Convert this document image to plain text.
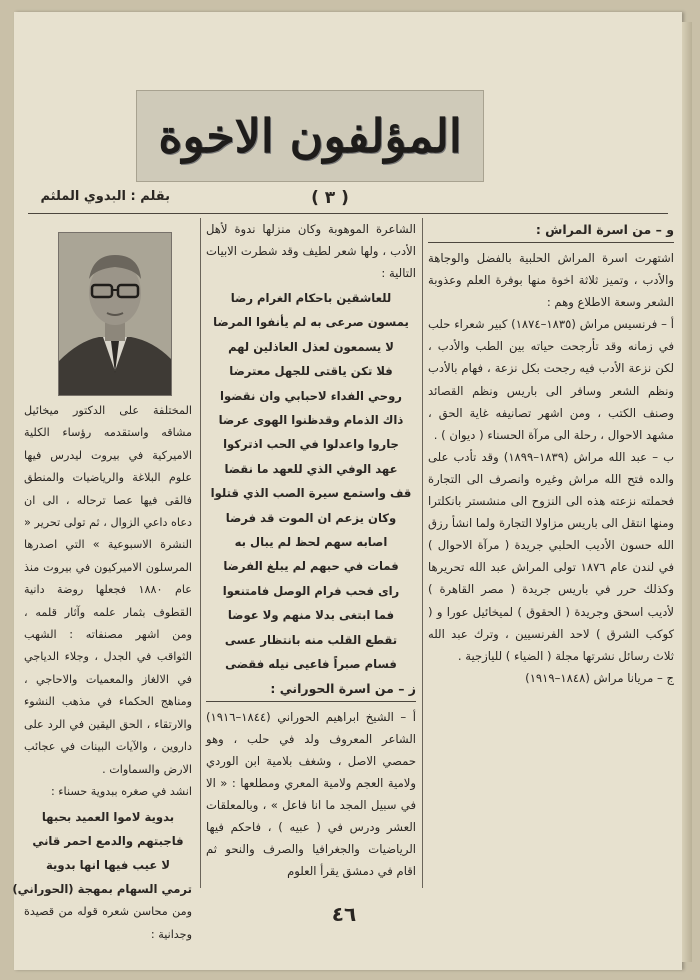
المؤلفون الاخوة
( ٣ )
بقلم : البدوي الملثم

و – من اسرة المراش :

اشتهرت اسرة المراش الحلبية بالفضل والوجاهة والأدب ، وتميز ثلاثة اخوة منها بوفرة العلم وعذوبة الشعر وسعة الاطلاع وهم :

أ – فرنسيس مراش (١٨٣٥–١٨٧٤) كبير شعراء حلب في زمانه وقد تأرجحت حياته بين الطب والأدب ، لكن نزعة الأدب فيه رجحت بكل نزعة ، فهام بالأدب ونظم الشعر وسافر الى باريس ونظم القصائد وصنف الكتب ، ومن اشهر تصانيفه غاية الحق ، مشهد الاحوال ، رحلة الى مرآة الحسناء ( ديوان ) .

ب – عبد الله مراش (١٨٣٩–١٨٩٩) وقد تأدب على والده فتح الله مراش وغيره وانصرف الى التجارة فحملته نزعته هذه الى النزوح الى منشستر بانكلترا ومنها انتقل الى باريس مزاولا التجارة ولما انشأ رزق الله حسون الأديب الحلبي جريدة ( مرآة الاحوال ) في لندن عام ١٨٧٦ تولى المراش عبد الله تحريرها وكذلك حرر في باريس جريدة ( مصر القاهرة ) لأديب اسحق وجريدة ( الحقوق ) لميخائيل عورا و ( كوكب الشرق ) لاحد الفرنسيين ، وترك عبد الله ثلاث رسائل نشرتها مجلة ( الضياء ) لليازجية .

ج – مريانا مراش (١٨٤٨–١٩١٩)

الشاعرة الموهوبة وكان منزلها ندوة لأهل الأدب ، ولها شعر لطيف وقد شطرت الابيات التالية :

للعاشقين باحكام الغرام رضا

يمسون صرعى به لم يأنفوا المرضا

لا يسمعون لعذل العاذلين لهم

فلا تكن ياقتى للجهل معترضا

روحي الفداء لاحبابي وان نقضوا

ذاك الذمام وقدظنوا الهوى عرضا

جاروا واعدلوا في الحب اذتركوا

عهد الوفي الذي للعهد ما نقضا

قف واستمع سيرة الصب الذي قتلوا

وكان يزعم ان الموت قد فرضا

اصابه سهم لحظ لم يبال به

فمات في حبهم لم يبلغ الفرضا

راى فحب فرام الوصل فامتنعوا

فما ابتغى بدلا منهم ولا عوضا

تقطع القلب منه بانتظار عسى

فسام صبراً فاعيى نيله فقضى

ز – من اسرة الحوراني :

أ – الشيخ ابراهيم الحوراني (١٨٤٤–١٩١٦) الشاعر المعروف ولد في حلب ، وهو حمصي الاصل ، وشغف بلامية ابن الوردي ولامية العجم ولامية المعري ومطلعها : « الا في سبيل المجد ما انا فاعل » ، وبالمعلقات العشر ودرس في ( عبيه ) ، فاحكم فيها الرياضيات والجغرافيا والصرف والنحو ثم اقام في دمشق يقرأ العلوم

المختلفة على الدكتور ميخائيل مشاقه واستقدمه رؤساء الكلية الاميركية في بيروت ليدرس فيها علوم البلاغة والرياضيات والمنطق فالقى فيها عصا ترحاله ، الى ان دعاه داعي الزوال ، ثم تولى تحرير « النشرة الاسبوعية » التي اصدرها المرسلون الاميركيون في بيروت منذ عام ١٨٨٠ فجعلها روضة دانية القطوف بثمار علمه وآثار قلمه ، ومن اشهر مصنفاته : الشهب الثواقب في الجدل ، وجلاء الدياجي في الالغاز والمعميات والاحاجي ، ومناهج الحكماء في مذهب النشوء والارتقاء ، الحق اليقين في الرد على داروين ، والآيات البينات في عجائب الارض والسماوات .

انشد في صغره ببدوية حسناء :

بدوية لاموا العميد بحبها

فاجبتهم والدمع احمر قاني

لا عيب فيها انها بدوية

ترمي السهام بمهجة (الحوراني)

ومن محاسن شعره قوله من قصيدة وجدانية :

٤٦
